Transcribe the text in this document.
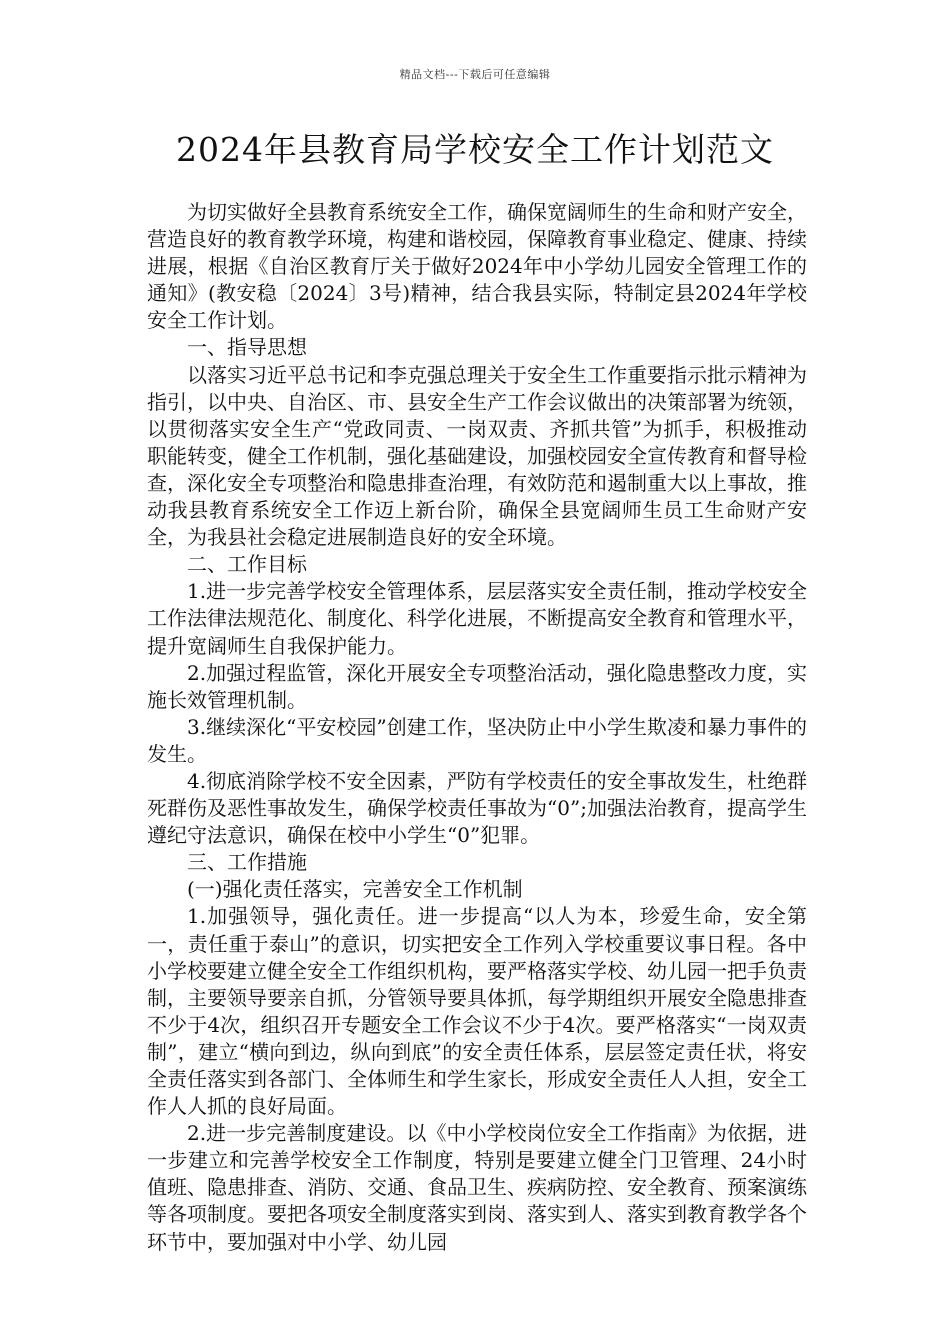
精品文档---下载后可任意编辑
2024年县教育局学校安全工作计划范文

为切实做好全县教育系统安全工作，确保宽阔师生的生命和财产安全，营造良好的教育教学环境，构建和谐校园，保障教育事业稳定、健康、持续进展，根据《自治区教育厅关于做好2024年中小学幼儿园安全管理工作的通知》(教安稳〔2024〕3号)精神，结合我县实际，特制定县2024年学校安全工作计划。

一、指导思想

以落实习近平总书记和李克强总理关于安全生工作重要指示批示精神为指引，以中央、自治区、市、县安全生产工作会议做出的决策部署为统领，以贯彻落实安全生产“党政同责、一岗双责、齐抓共管”为抓手，积极推动职能转变，健全工作机制，强化基础建设，加强校园安全宣传教育和督导检查，深化安全专项整治和隐患排查治理，有效防范和遏制重大以上事故，推动我县教育系统安全工作迈上新台阶，确保全县宽阔师生员工生命财产安全，为我县社会稳定进展制造良好的安全环境。

二、工作目标

1.进一步完善学校安全管理体系，层层落实安全责任制，推动学校安全工作法律法规范化、制度化、科学化进展，不断提高安全教育和管理水平，提升宽阔师生自我保护能力。

2.加强过程监管，深化开展安全专项整治活动，强化隐患整改力度，实施长效管理机制。

3.继续深化“平安校园”创建工作，坚决防止中小学生欺凌和暴力事件的发生。

4.彻底消除学校不安全因素，严防有学校责任的安全事故发生，杜绝群死群伤及恶性事故发生，确保学校责任事故为“0”;加强法治教育，提高学生遵纪守法意识，确保在校中小学生“0”犯罪。

三、工作措施

(一)强化责任落实，完善安全工作机制

1.加强领导，强化责任。进一步提高“以人为本，珍爱生命，安全第一，责任重于泰山”的意识，切实把安全工作列入学校重要议事日程。各中小学校要建立健全安全工作组织机构，要严格落实学校、幼儿园一把手负责制，主要领导要亲自抓，分管领导要具体抓，每学期组织开展安全隐患排查不少于4次，组织召开专题安全工作会议不少于4次。要严格落实“一岗双责制”，建立“横向到边，纵向到底”的安全责任体系，层层签定责任状，将安全责任落实到各部门、全体师生和学生家长，形成安全责任人人担，安全工作人人抓的良好局面。

2.进一步完善制度建设。以《中小学校岗位安全工作指南》为依据，进一步建立和完善学校安全工作制度，特别是要建立健全门卫管理、24小时值班、隐患排查、消防、交通、食品卫生、疾病防控、安全教育、预案演练等各项制度。要把各项安全制度落实到岗、落实到人、落实到教育教学各个环节中，要加强对中小学、幼儿园
